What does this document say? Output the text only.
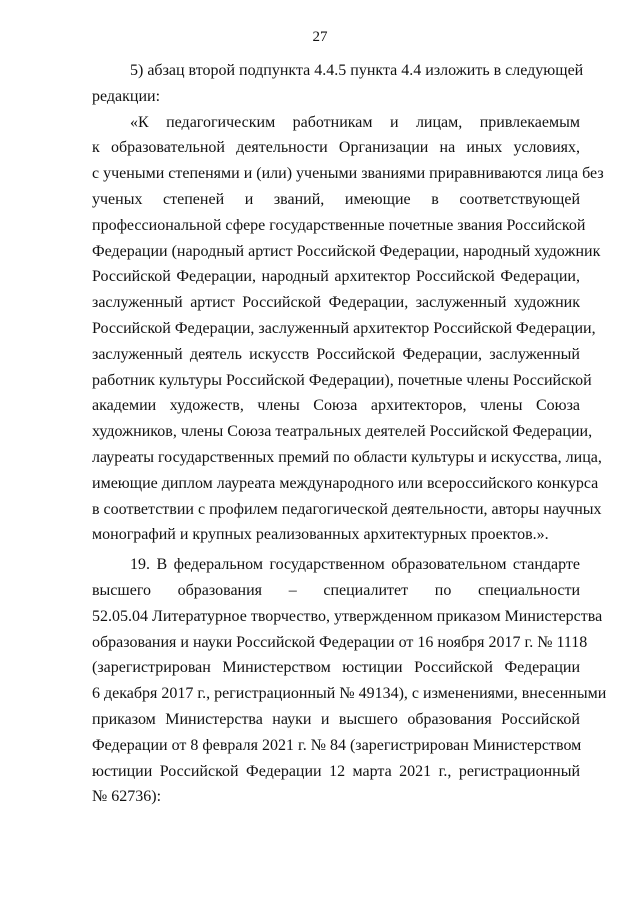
27
5) абзац второй подпункта 4.4.5 пункта 4.4 изложить в следующей
редакции:
«К педагогическим работникам и лицам, привлекаемым
к образовательной деятельности Организации на иных условиях,
с учеными степенями и (или) учеными званиями приравниваются лица без
ученых степеней и званий, имеющие в соответствующей
профессиональной сфере государственные почетные звания Российской
Федерации (народный артист Российской Федерации, народный художник
Российской Федерации, народный архитектор Российской Федерации,
заслуженный артист Российской Федерации, заслуженный художник
Российской Федерации, заслуженный архитектор Российской Федерации,
заслуженный деятель искусств Российской Федерации, заслуженный
работник культуры Российской Федерации), почетные члены Российской
академии художеств, члены Союза архитекторов, члены Союза
художников, члены Союза театральных деятелей Российской Федерации,
лауреаты государственных премий по области культуры и искусства, лица,
имеющие диплом лауреата международного или всероссийского конкурса
в соответствии с профилем педагогической деятельности, авторы научных
монографий и крупных реализованных архитектурных проектов.».
19. В федеральном государственном образовательном стандарте
высшего образования – специалитет по специальности
52.05.04 Литературное творчество, утвержденном приказом Министерства
образования и науки Российской Федерации от 16 ноября 2017 г. № 1118
(зарегистрирован Министерством юстиции Российской Федерации
6 декабря 2017 г., регистрационный № 49134), с изменениями, внесенными
приказом Министерства науки и высшего образования Российской
Федерации от 8 февраля 2021 г. № 84 (зарегистрирован Министерством
юстиции Российской Федерации 12 марта 2021 г., регистрационный
№ 62736):
